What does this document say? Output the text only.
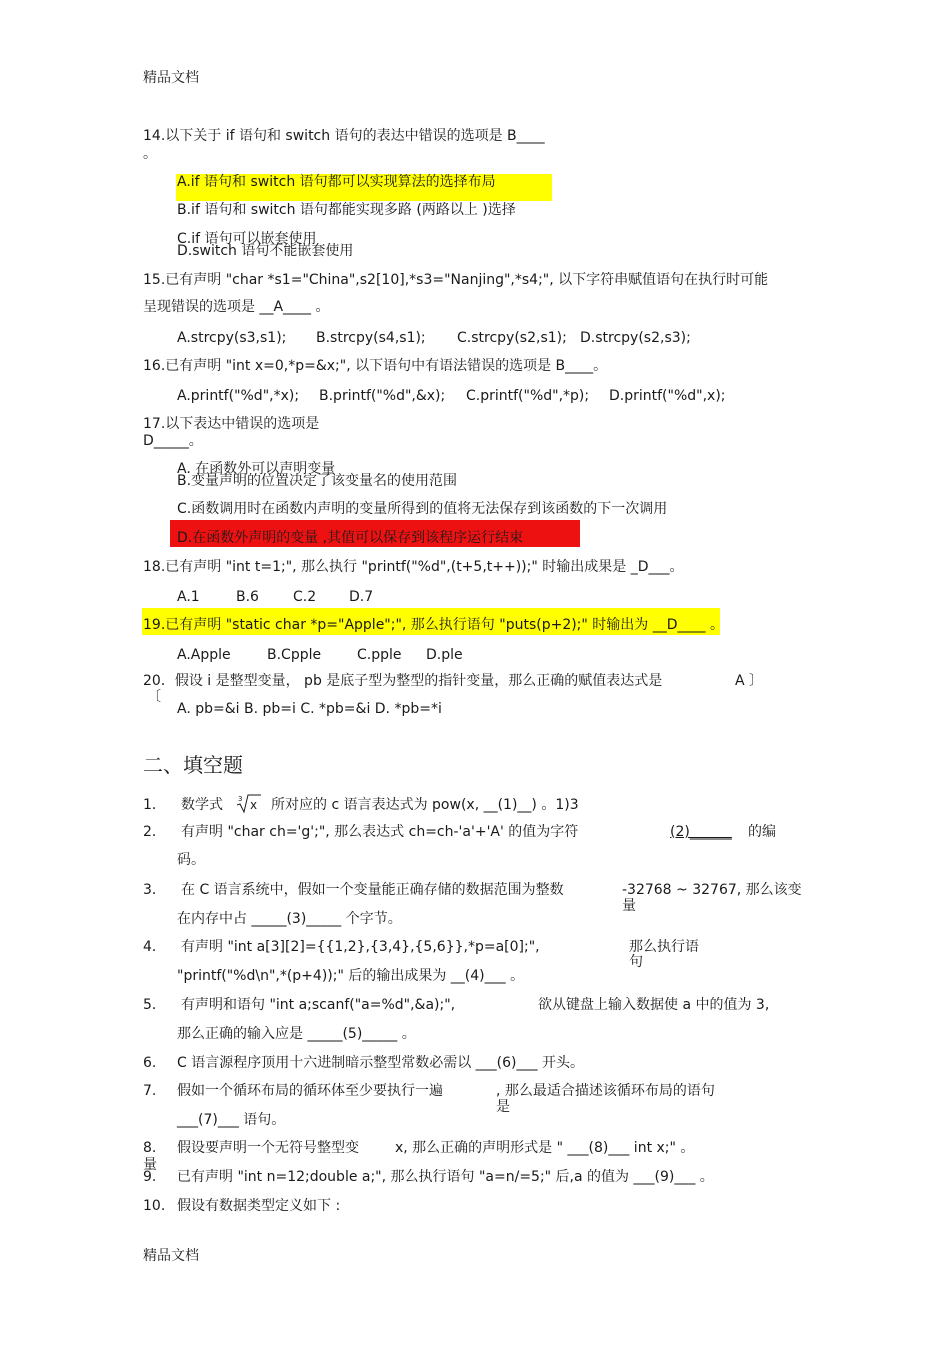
精品文档
精品文档
14.以下关于 if 语句和 switch 语句的表达中错误的选项是 B____
。
A.if 语句和 switch 语句都可以实现算法的选择布局
B.if 语句和 switch 语句都能实现多路 (两路以上 )选择
C.if 语句可以嵌套使用
D.switch 语句不能嵌套使用
15.已有声明 "char *s1="China",s2[10],*s3="Nanjing",*s4;", 以下字符串赋值语句在执行时可能
呈现错误的选项是 __A____ 。
A.strcpy(s3,s1); B.strcpy(s4,s1); C.strcpy(s2,s1); D.strcpy(s2,s3);
16.已有声明 "int x=0,*p=&x;", 以下语句中有语法错误的选项是 B____。
A.printf("%d",*x); B.printf("%d",&x); C.printf("%d",*p); D.printf("%d",x);
17.以下表达中错误的选项是
D_____。
A. 在函数外可以声明变量
B.变量声明的位置决定了该变量名的使用范围
C.函数调用时在函数内声明的变量所得到的值将无法保存到该函数的下一次调用
D.在函数外声明的变量 ,其值可以保存到该程序运行结束
18.已有声明 "int t=1;", 那么执行 "printf("%d",(t+5,t++));" 时输出成果是 _D___。
A.1	B.6 C.2 D.7
19.已有声明 "static char *p="Apple";", 那么执行语句 "puts(p+2);" 时输出为 __D____ 。
A.Apple	B.Cpple	C.pple D.ple
20．假设 i 是整型变量， pb 是底子型为整型的指针变量，那么正确的赋值表达式是	A 〕
〔
A. pb=&i B. pb=i C. *pb=&i D. *pb=*i
二、填空题
1． 数学式 3 x 所对应的 c 语言表达式为 pow(x, __(1)__) 。1)3
2． 有声明 "char ch='g';", 那么表达式 ch=ch-'a'+'A' 的值为字符	(2)______ 的编
码。
3． 在 C 语言系统中，假如一个变量能正确存储的数据范围为整数	-32768 ~ 32767, 那么该变
量
在内存中占 _____(3)_____ 个字节。
4． 有声明 "int a[3][2]={{1,2},{3,4},{5,6}},*p=a[0];",	那么执行语
句
"printf("%d\n",*(p+4));" 后的输出成果为 __(4)___ 。
5． 有声明和语句 "int a;scanf("a=%d",&a);",	欲从键盘上输入数据使 a 中的值为 3,
那么正确的输入应是 _____(5)_____ 。
6. C 语言源程序顶用十六进制暗示整型常数必需以 ___(6)___ 开头。
7. 假如一个循环布局的循环体至少要执行一遍	, 那么最适合描述该循环布局的语句
是
___(7)___ 语句。
8.
量
假设要声明一个无符号整型变	x, 那么正确的声明形式是 " ___(8)___ int x;" 。
9. 已有声明 "int n=12;double a;", 那么执行语句 "a=n/=5;" 后,a 的值为 ___(9)___ 。
10. 假设有数据类型定义如下 :
